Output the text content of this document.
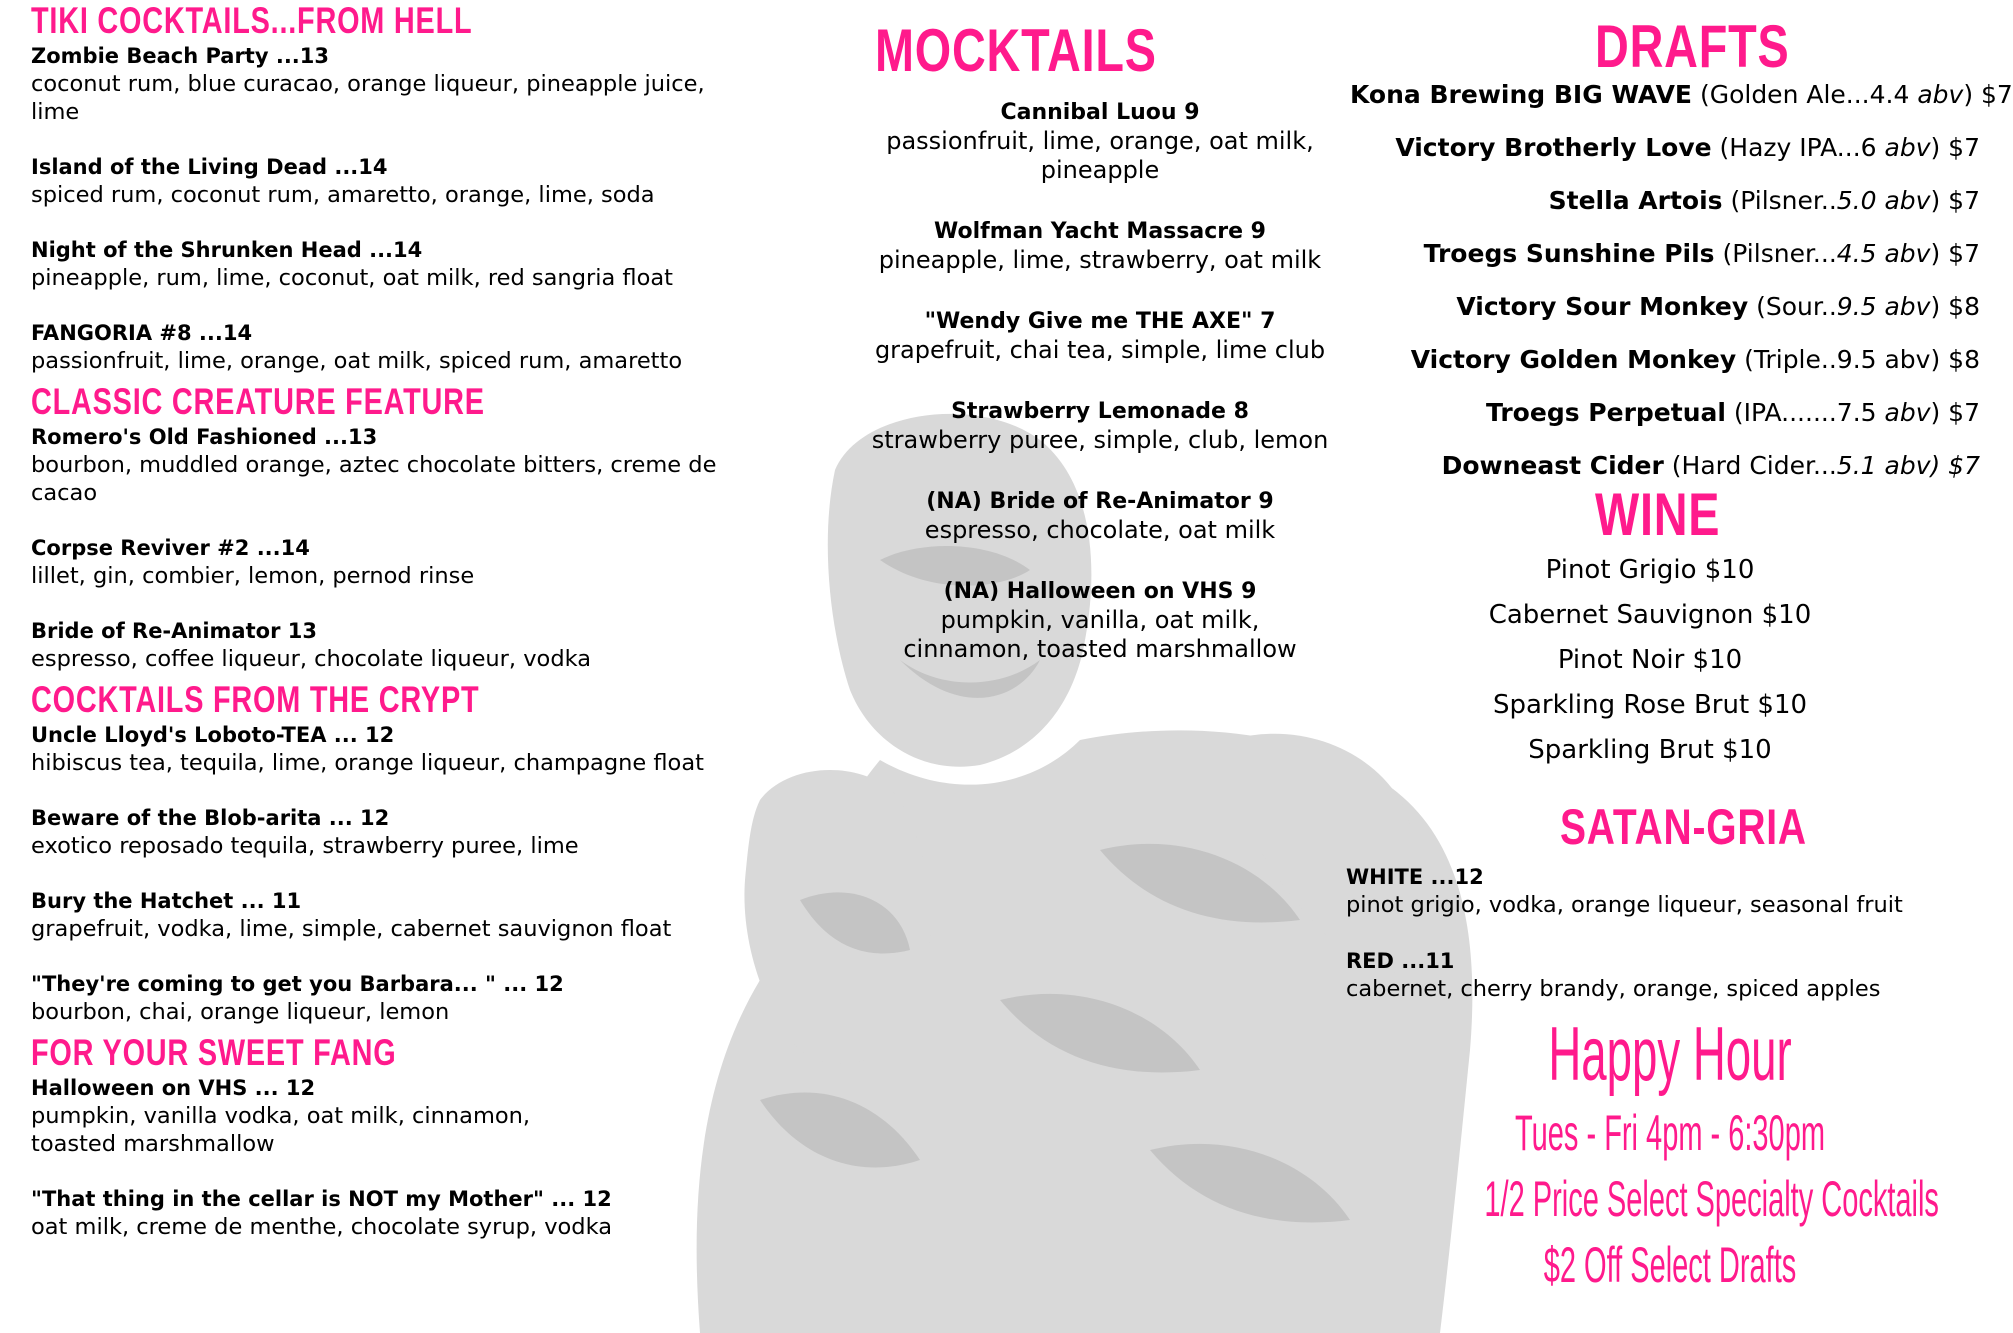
TIKI COCKTAILS...FROM HELL
Zombie Beach Party ...13
coconut rum, blue curacao, orange liqueur, pineapple juice, lime
Island of the Living Dead ...14
spiced rum, coconut rum, amaretto, orange, lime, soda
Night of the Shrunken Head ...14
pineapple, rum, lime, coconut, oat milk, red sangria float
FANGORIA #8 ...14
passionfruit, lime, orange, oat milk, spiced rum, amaretto
CLASSIC CREATURE FEATURE
Romero's Old Fashioned ...13
bourbon, muddled orange, aztec chocolate bitters, creme de cacao
Corpse Reviver #2 ...14
lillet, gin, combier, lemon, pernod rinse
Bride of Re-Animator 13
espresso, coffee liqueur, chocolate liqueur, vodka
COCKTAILS FROM THE CRYPT
Uncle Lloyd's Loboto-TEA ... 12
hibiscus tea, tequila, lime, orange liqueur, champagne float
Beware of the Blob-arita ... 12
exotico reposado tequila, strawberry puree, lime
Bury the Hatchet ... 11
grapefruit, vodka, lime, simple, cabernet sauvignon float
"They're coming to get you Barbara... " ... 12
bourbon, chai, orange liqueur, lemon
FOR YOUR SWEET FANG
Halloween on VHS ... 12
pumpkin, vanilla vodka, oat milk, cinnamon, toasted marshmallow
"That thing in the cellar is NOT my Mother" ... 12
oat milk, creme de menthe, chocolate syrup, vodka
MOCKTAILS
Cannibal Luou 9
passionfruit, lime, orange, oat milk, pineapple
Wolfman Yacht Massacre 9
pineapple, lime, strawberry, oat milk
"Wendy Give me THE AXE" 7
grapefruit, chai tea, simple, lime club
Strawberry Lemonade 8
strawberry puree, simple, club, lemon
(NA) Bride of Re-Animator 9
espresso, chocolate, oat milk
(NA) Halloween on VHS 9
pumpkin, vanilla, oat milk, cinnamon, toasted marshmallow
DRAFTS
Kona Brewing BIG WAVE (Golden Ale...4.4 abv) $7
Victory Brotherly Love (Hazy IPA...6 abv) $7
Stella Artois (Pilsner..5.0 abv) $7
Troegs Sunshine Pils (Pilsner...4.5 abv) $7
Victory Sour Monkey (Sour..9.5 abv) $8
Victory Golden Monkey (Triple..9.5 abv) $8
Troegs Perpetual (IPA.......7.5 abv) $7
Downeast Cider (Hard Cider...5.1 abv) $7
WINE
Pinot Grigio $10
Cabernet Sauvignon $10
Pinot Noir $10
Sparkling Rose Brut $10
Sparkling Brut $10
SATAN-GRIA
WHITE ...12
pinot grigio, vodka, orange liqueur, seasonal fruit
RED ...11
cabernet, cherry brandy, orange, spiced apples
Happy Hour
Tues - Fri 4pm - 6:30pm
1/2 Price Select Specialty Cocktails
$2 Off Select Drafts
